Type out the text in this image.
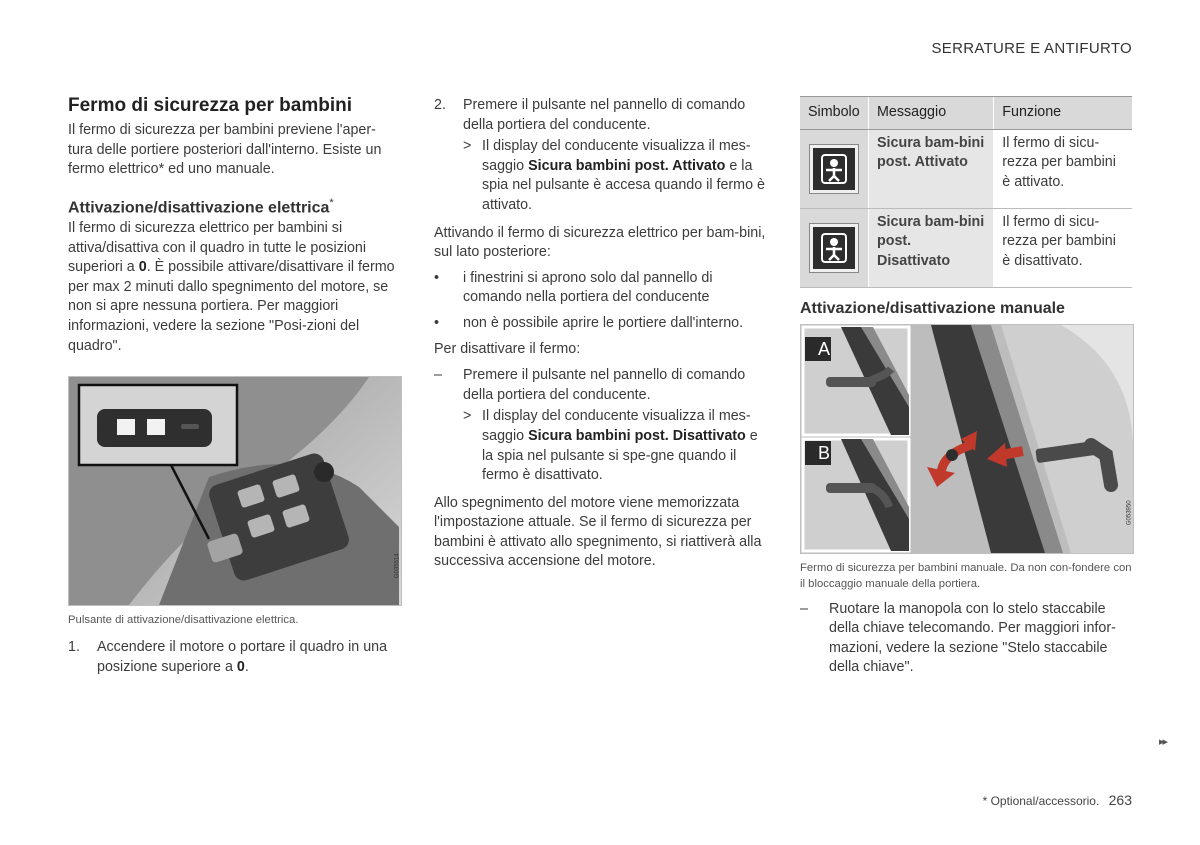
SERRATURE E ANTIFURTO
Fermo di sicurezza per bambini

Il fermo di sicurezza per bambini previene l'aper-tura delle portiere posteriori dall'interno. Esiste un fermo elettrico* ed uno manuale.

Attivazione/disattivazione elettrica*

Il fermo di sicurezza elettrico per bambini si attiva/disattiva con il quadro in tutte le posizioni superiori a 0. È possibile attivare/disattivare il fermo per max 2 minuti dallo spegnimento del motore, se non si apre nessuna portiera. Per maggiori informazioni, vedere la sezione "Posi-zioni del quadro".

G035514

Pulsante di attivazione/disattivazione elettrica.

1.	Accendere il motore o portare il quadro in una posizione superiore a 0.
2.	Premere il pulsante nel pannello di comando della portiera del conducente.
> Il display del conducente visualizza il mes-saggio Sicura bambini post. Attivato e la spia nel pulsante è accesa quando il fermo è attivato.

Attivando il fermo di sicurezza elettrico per bam-bini, sul lato posteriore:

•	i finestrini si aprono solo dal pannello di comando nella portiera del conducente
•	non è possibile aprire le portiere dall'interno.

Per disattivare il fermo:

–	Premere il pulsante nel pannello di comando della portiera del conducente.
> Il display del conducente visualizza il mes-saggio Sicura bambini post. Disattivato e la spia nel pulsante si spe-gne quando il fermo è disattivato.

Allo spegnimento del motore viene memorizzata l'impostazione attuale. Se il fermo di sicurezza per bambini è attivato allo spegnimento, si riattiverà alla successiva accensione del motore.

Simbolo	Messaggio	Funzione

	Sicura bam-bini post. Attivato	Il fermo di sicu-rezza per bambini è attivato.

	Sicura bam-bini post. Disattivato	Il fermo di sicu-rezza per bambini è disattivato.
Attivazione/disattivazione manuale
A
B
G053950

Fermo di sicurezza per bambini manuale. Da non con-fondere con il bloccaggio manuale della portiera.

–	Ruotare la manopola con lo stelo staccabile della chiave telecomando. Per maggiori infor-mazioni, vedere la sezione "Stelo staccabile della chiave".
▸▸
* Optional/accessorio. 263
